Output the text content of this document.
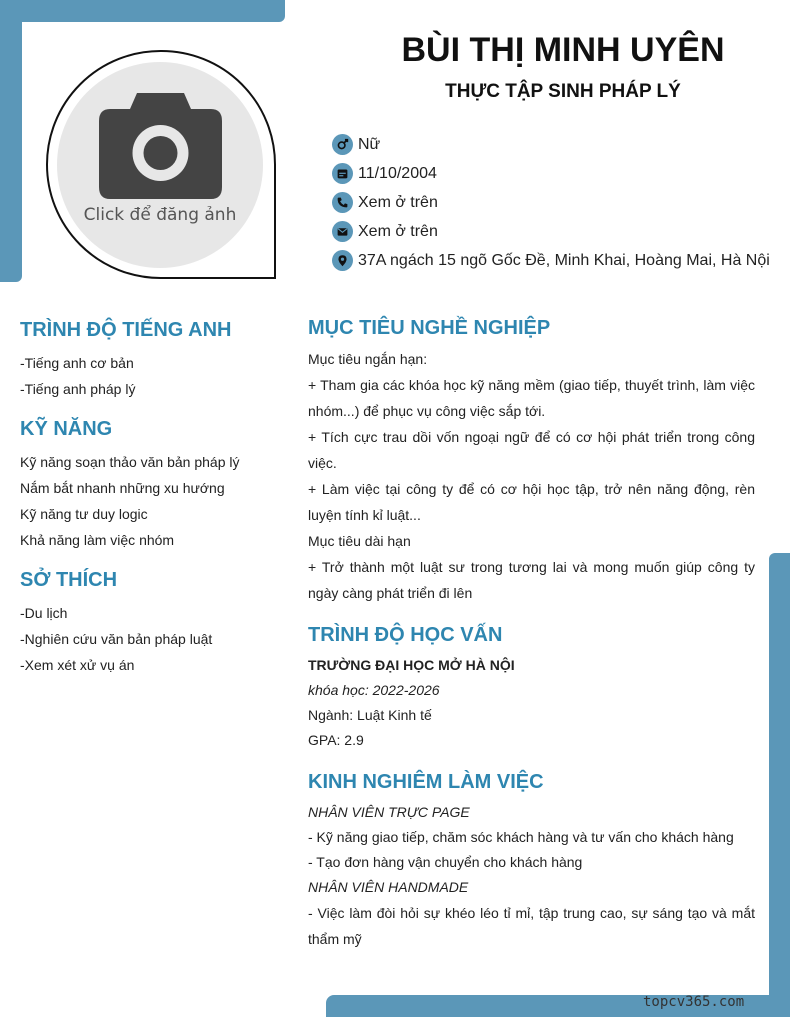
Click để đăng ảnh
BÙI THỊ MINH UYÊN
THỰC TẬP SINH PHÁP LÝ
Nữ
11/10/2004
Xem ở trên
Xem ở trên
37A ngách 15 ngõ Gốc Đề, Minh Khai, Hoàng Mai, Hà Nội
TRÌNH ĐỘ TIẾNG ANH
-Tiếng anh cơ bản
-Tiếng anh pháp lý
KỸ NĂNG
Kỹ năng soạn thảo văn bản pháp lý
Nắm bắt nhanh những xu hướng
Kỹ năng tư duy logic
Khả năng làm việc nhóm
SỞ THÍCH
-Du lịch
-Nghiên cứu văn bản pháp luật
-Xem xét xử vụ án
MỤC TIÊU NGHỀ NGHIỆP
Mục tiêu ngắn hạn:
+ Tham gia các khóa học kỹ năng mềm (giao tiếp, thuyết trình, làm việc nhóm...) để phục vụ công việc sắp tới.
+ Tích cực trau dồi vốn ngoại ngữ để có cơ hội phát triển trong công việc.
+ Làm việc tại công ty để có cơ hội học tập, trở nên năng động, rèn luyện tính kỉ luật...
Mục tiêu dài hạn
+ Trở thành một luật sư trong tương lai và mong muốn giúp công ty ngày càng phát triển đi lên
TRÌNH ĐỘ HỌC VẤN
TRƯỜNG ĐẠI HỌC MỞ HÀ NỘI
khóa học: 2022-2026
Ngành: Luật Kinh tế
GPA: 2.9
KINH NGHIÊM LÀM VIỆC
NHÂN VIÊN TRỰC PAGE
- Kỹ năng giao tiếp, chăm sóc khách hàng và tư vấn cho khách hàng
- Tạo đơn hàng vận chuyển cho khách hàng
NHÂN VIÊN HANDMADE
- Việc làm đòi hỏi sự khéo léo tỉ mỉ, tập trung cao, sự sáng tạo và mắt thẩm mỹ
topcv365.com
